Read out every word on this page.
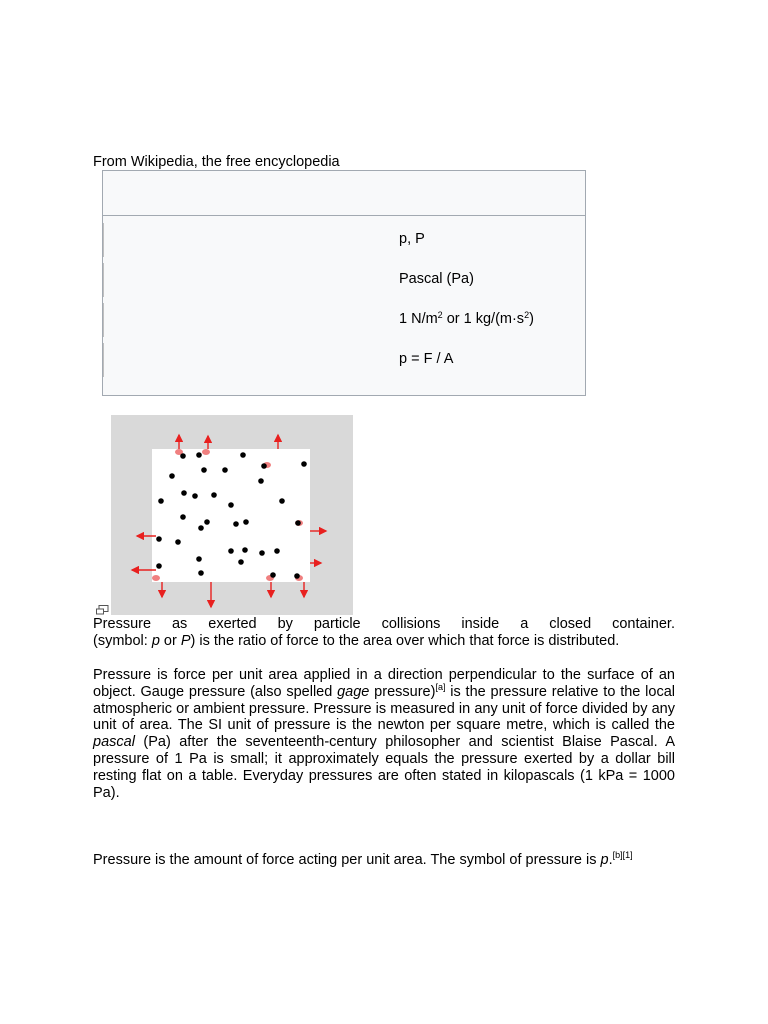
From Wikipedia, the free encyclopedia
p, P
Pascal (Pa)
1 $N/m^2$ or 1 $kg/(m\cdot s^2)$
p = F / A
Pressure as exerted by particle collisions inside a closed container.
(symbol: p or P) is the ratio of force to the area over which that force is distributed.
Pressure is force per unit area applied in a direction perpendicular to the surface of an object. Gauge pressure (also spelled gage pressure)[a] is the pressure relative to the local atmospheric or ambient pressure. Pressure is measured in any unit of force divided by any unit of area. The SI unit of pressure is the newton per square metre, which is called the pascal (Pa) after the seventeenth-century philosopher and scientist Blaise Pascal. A pressure of 1 Pa is small; it approximately equals the pressure exerted by a dollar bill resting flat on a table. Everyday pressures are often stated in kilopascals (1 kPa = 1000 Pa).
Pressure is the amount of force acting per unit area. The symbol of pressure is p.[b][1]
